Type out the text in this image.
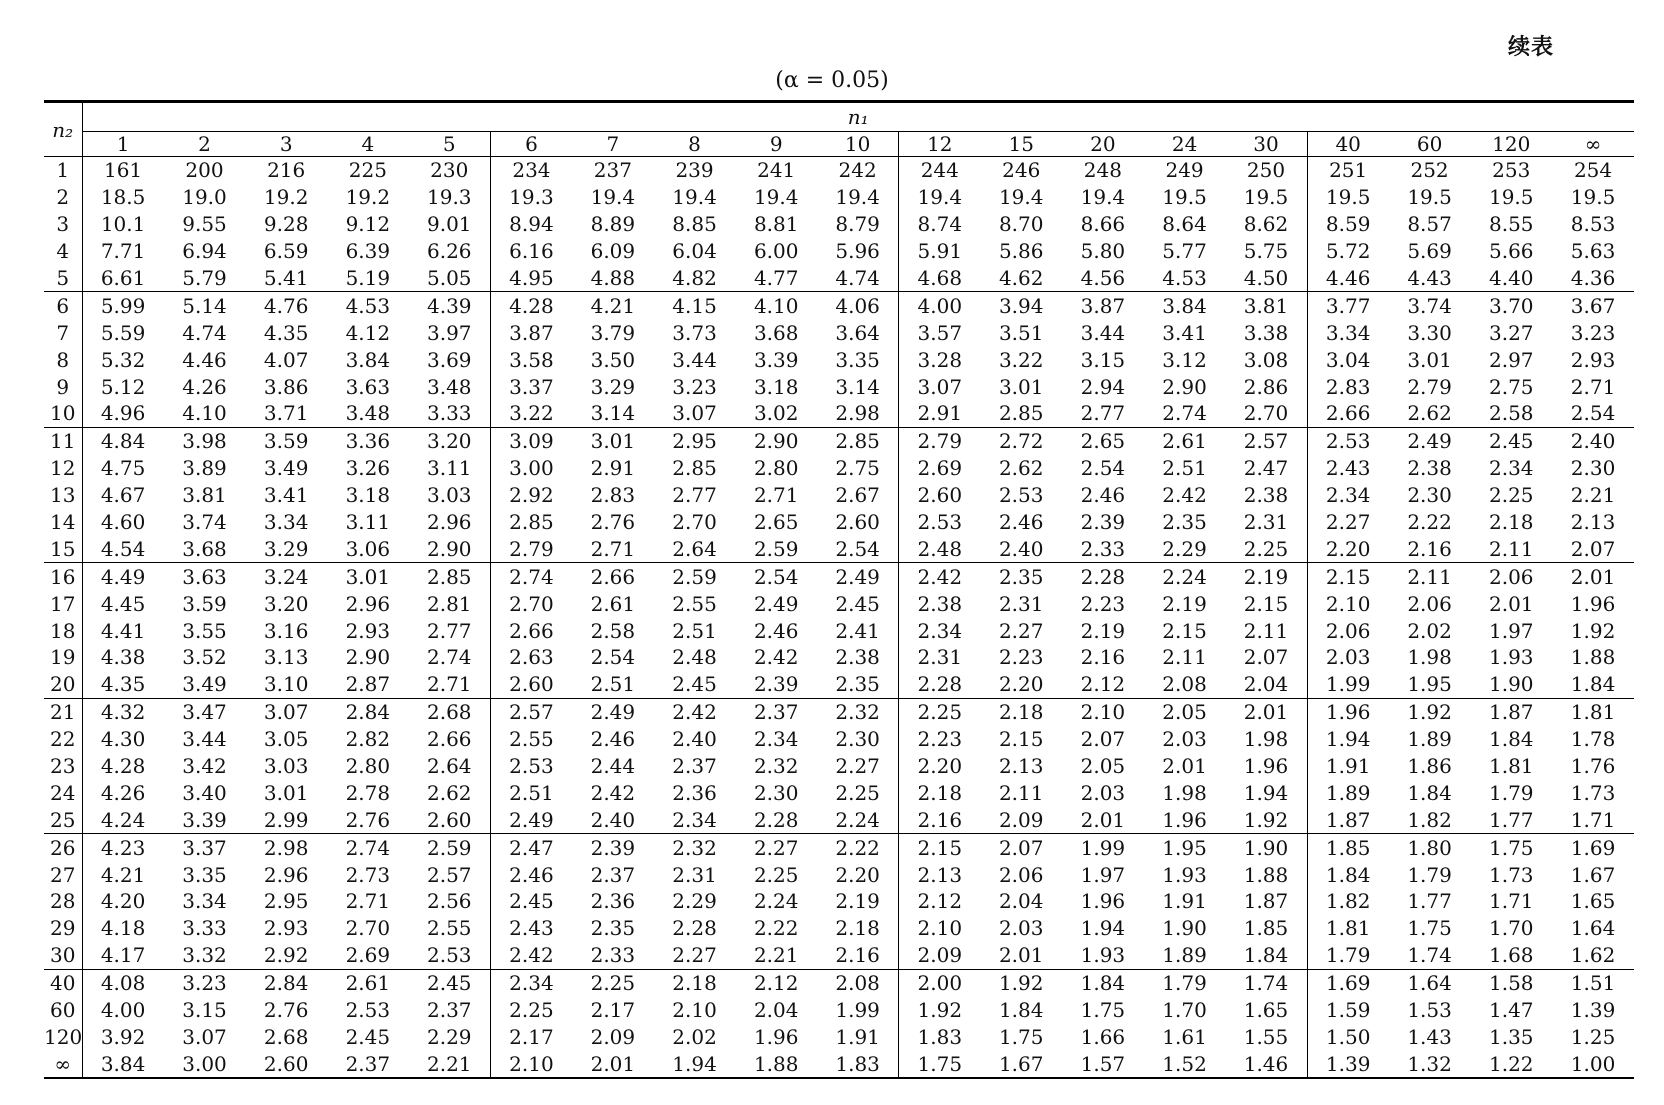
续表
(α = 0.05)
n₂	n₁																		
	1	2	3	4	5	6	7	8	9	10	12	15	20	24	30	40	60	120	∞
1	161	200	216	225	230	234	237	239	241	242	244	246	248	249	250	251	252	253	254
2	18.5	19.0	19.2	19.2	19.3	19.3	19.4	19.4	19.4	19.4	19.4	19.4	19.4	19.5	19.5	19.5	19.5	19.5	19.5
3	10.1	9.55	9.28	9.12	9.01	8.94	8.89	8.85	8.81	8.79	8.74	8.70	8.66	8.64	8.62	8.59	8.57	8.55	8.53
4	7.71	6.94	6.59	6.39	6.26	6.16	6.09	6.04	6.00	5.96	5.91	5.86	5.80	5.77	5.75	5.72	5.69	5.66	5.63
5	6.61	5.79	5.41	5.19	5.05	4.95	4.88	4.82	4.77	4.74	4.68	4.62	4.56	4.53	4.50	4.46	4.43	4.40	4.36
6	5.99	5.14	4.76	4.53	4.39	4.28	4.21	4.15	4.10	4.06	4.00	3.94	3.87	3.84	3.81	3.77	3.74	3.70	3.67
7	5.59	4.74	4.35	4.12	3.97	3.87	3.79	3.73	3.68	3.64	3.57	3.51	3.44	3.41	3.38	3.34	3.30	3.27	3.23
8	5.32	4.46	4.07	3.84	3.69	3.58	3.50	3.44	3.39	3.35	3.28	3.22	3.15	3.12	3.08	3.04	3.01	2.97	2.93
9	5.12	4.26	3.86	3.63	3.48	3.37	3.29	3.23	3.18	3.14	3.07	3.01	2.94	2.90	2.86	2.83	2.79	2.75	2.71
10	4.96	4.10	3.71	3.48	3.33	3.22	3.14	3.07	3.02	2.98	2.91	2.85	2.77	2.74	2.70	2.66	2.62	2.58	2.54
11	4.84	3.98	3.59	3.36	3.20	3.09	3.01	2.95	2.90	2.85	2.79	2.72	2.65	2.61	2.57	2.53	2.49	2.45	2.40
12	4.75	3.89	3.49	3.26	3.11	3.00	2.91	2.85	2.80	2.75	2.69	2.62	2.54	2.51	2.47	2.43	2.38	2.34	2.30
13	4.67	3.81	3.41	3.18	3.03	2.92	2.83	2.77	2.71	2.67	2.60	2.53	2.46	2.42	2.38	2.34	2.30	2.25	2.21
14	4.60	3.74	3.34	3.11	2.96	2.85	2.76	2.70	2.65	2.60	2.53	2.46	2.39	2.35	2.31	2.27	2.22	2.18	2.13
15	4.54	3.68	3.29	3.06	2.90	2.79	2.71	2.64	2.59	2.54	2.48	2.40	2.33	2.29	2.25	2.20	2.16	2.11	2.07
16	4.49	3.63	3.24	3.01	2.85	2.74	2.66	2.59	2.54	2.49	2.42	2.35	2.28	2.24	2.19	2.15	2.11	2.06	2.01
17	4.45	3.59	3.20	2.96	2.81	2.70	2.61	2.55	2.49	2.45	2.38	2.31	2.23	2.19	2.15	2.10	2.06	2.01	1.96
18	4.41	3.55	3.16	2.93	2.77	2.66	2.58	2.51	2.46	2.41	2.34	2.27	2.19	2.15	2.11	2.06	2.02	1.97	1.92
19	4.38	3.52	3.13	2.90	2.74	2.63	2.54	2.48	2.42	2.38	2.31	2.23	2.16	2.11	2.07	2.03	1.98	1.93	1.88
20	4.35	3.49	3.10	2.87	2.71	2.60	2.51	2.45	2.39	2.35	2.28	2.20	2.12	2.08	2.04	1.99	1.95	1.90	1.84
21	4.32	3.47	3.07	2.84	2.68	2.57	2.49	2.42	2.37	2.32	2.25	2.18	2.10	2.05	2.01	1.96	1.92	1.87	1.81
22	4.30	3.44	3.05	2.82	2.66	2.55	2.46	2.40	2.34	2.30	2.23	2.15	2.07	2.03	1.98	1.94	1.89	1.84	1.78
23	4.28	3.42	3.03	2.80	2.64	2.53	2.44	2.37	2.32	2.27	2.20	2.13	2.05	2.01	1.96	1.91	1.86	1.81	1.76
24	4.26	3.40	3.01	2.78	2.62	2.51	2.42	2.36	2.30	2.25	2.18	2.11	2.03	1.98	1.94	1.89	1.84	1.79	1.73
25	4.24	3.39	2.99	2.76	2.60	2.49	2.40	2.34	2.28	2.24	2.16	2.09	2.01	1.96	1.92	1.87	1.82	1.77	1.71
26	4.23	3.37	2.98	2.74	2.59	2.47	2.39	2.32	2.27	2.22	2.15	2.07	1.99	1.95	1.90	1.85	1.80	1.75	1.69
27	4.21	3.35	2.96	2.73	2.57	2.46	2.37	2.31	2.25	2.20	2.13	2.06	1.97	1.93	1.88	1.84	1.79	1.73	1.67
28	4.20	3.34	2.95	2.71	2.56	2.45	2.36	2.29	2.24	2.19	2.12	2.04	1.96	1.91	1.87	1.82	1.77	1.71	1.65
29	4.18	3.33	2.93	2.70	2.55	2.43	2.35	2.28	2.22	2.18	2.10	2.03	1.94	1.90	1.85	1.81	1.75	1.70	1.64
30	4.17	3.32	2.92	2.69	2.53	2.42	2.33	2.27	2.21	2.16	2.09	2.01	1.93	1.89	1.84	1.79	1.74	1.68	1.62
40	4.08	3.23	2.84	2.61	2.45	2.34	2.25	2.18	2.12	2.08	2.00	1.92	1.84	1.79	1.74	1.69	1.64	1.58	1.51
60	4.00	3.15	2.76	2.53	2.37	2.25	2.17	2.10	2.04	1.99	1.92	1.84	1.75	1.70	1.65	1.59	1.53	1.47	1.39
120	3.92	3.07	2.68	2.45	2.29	2.17	2.09	2.02	1.96	1.91	1.83	1.75	1.66	1.61	1.55	1.50	1.43	1.35	1.25
∞	3.84	3.00	2.60	2.37	2.21	2.10	2.01	1.94	1.88	1.83	1.75	1.67	1.57	1.52	1.46	1.39	1.32	1.22	1.00
